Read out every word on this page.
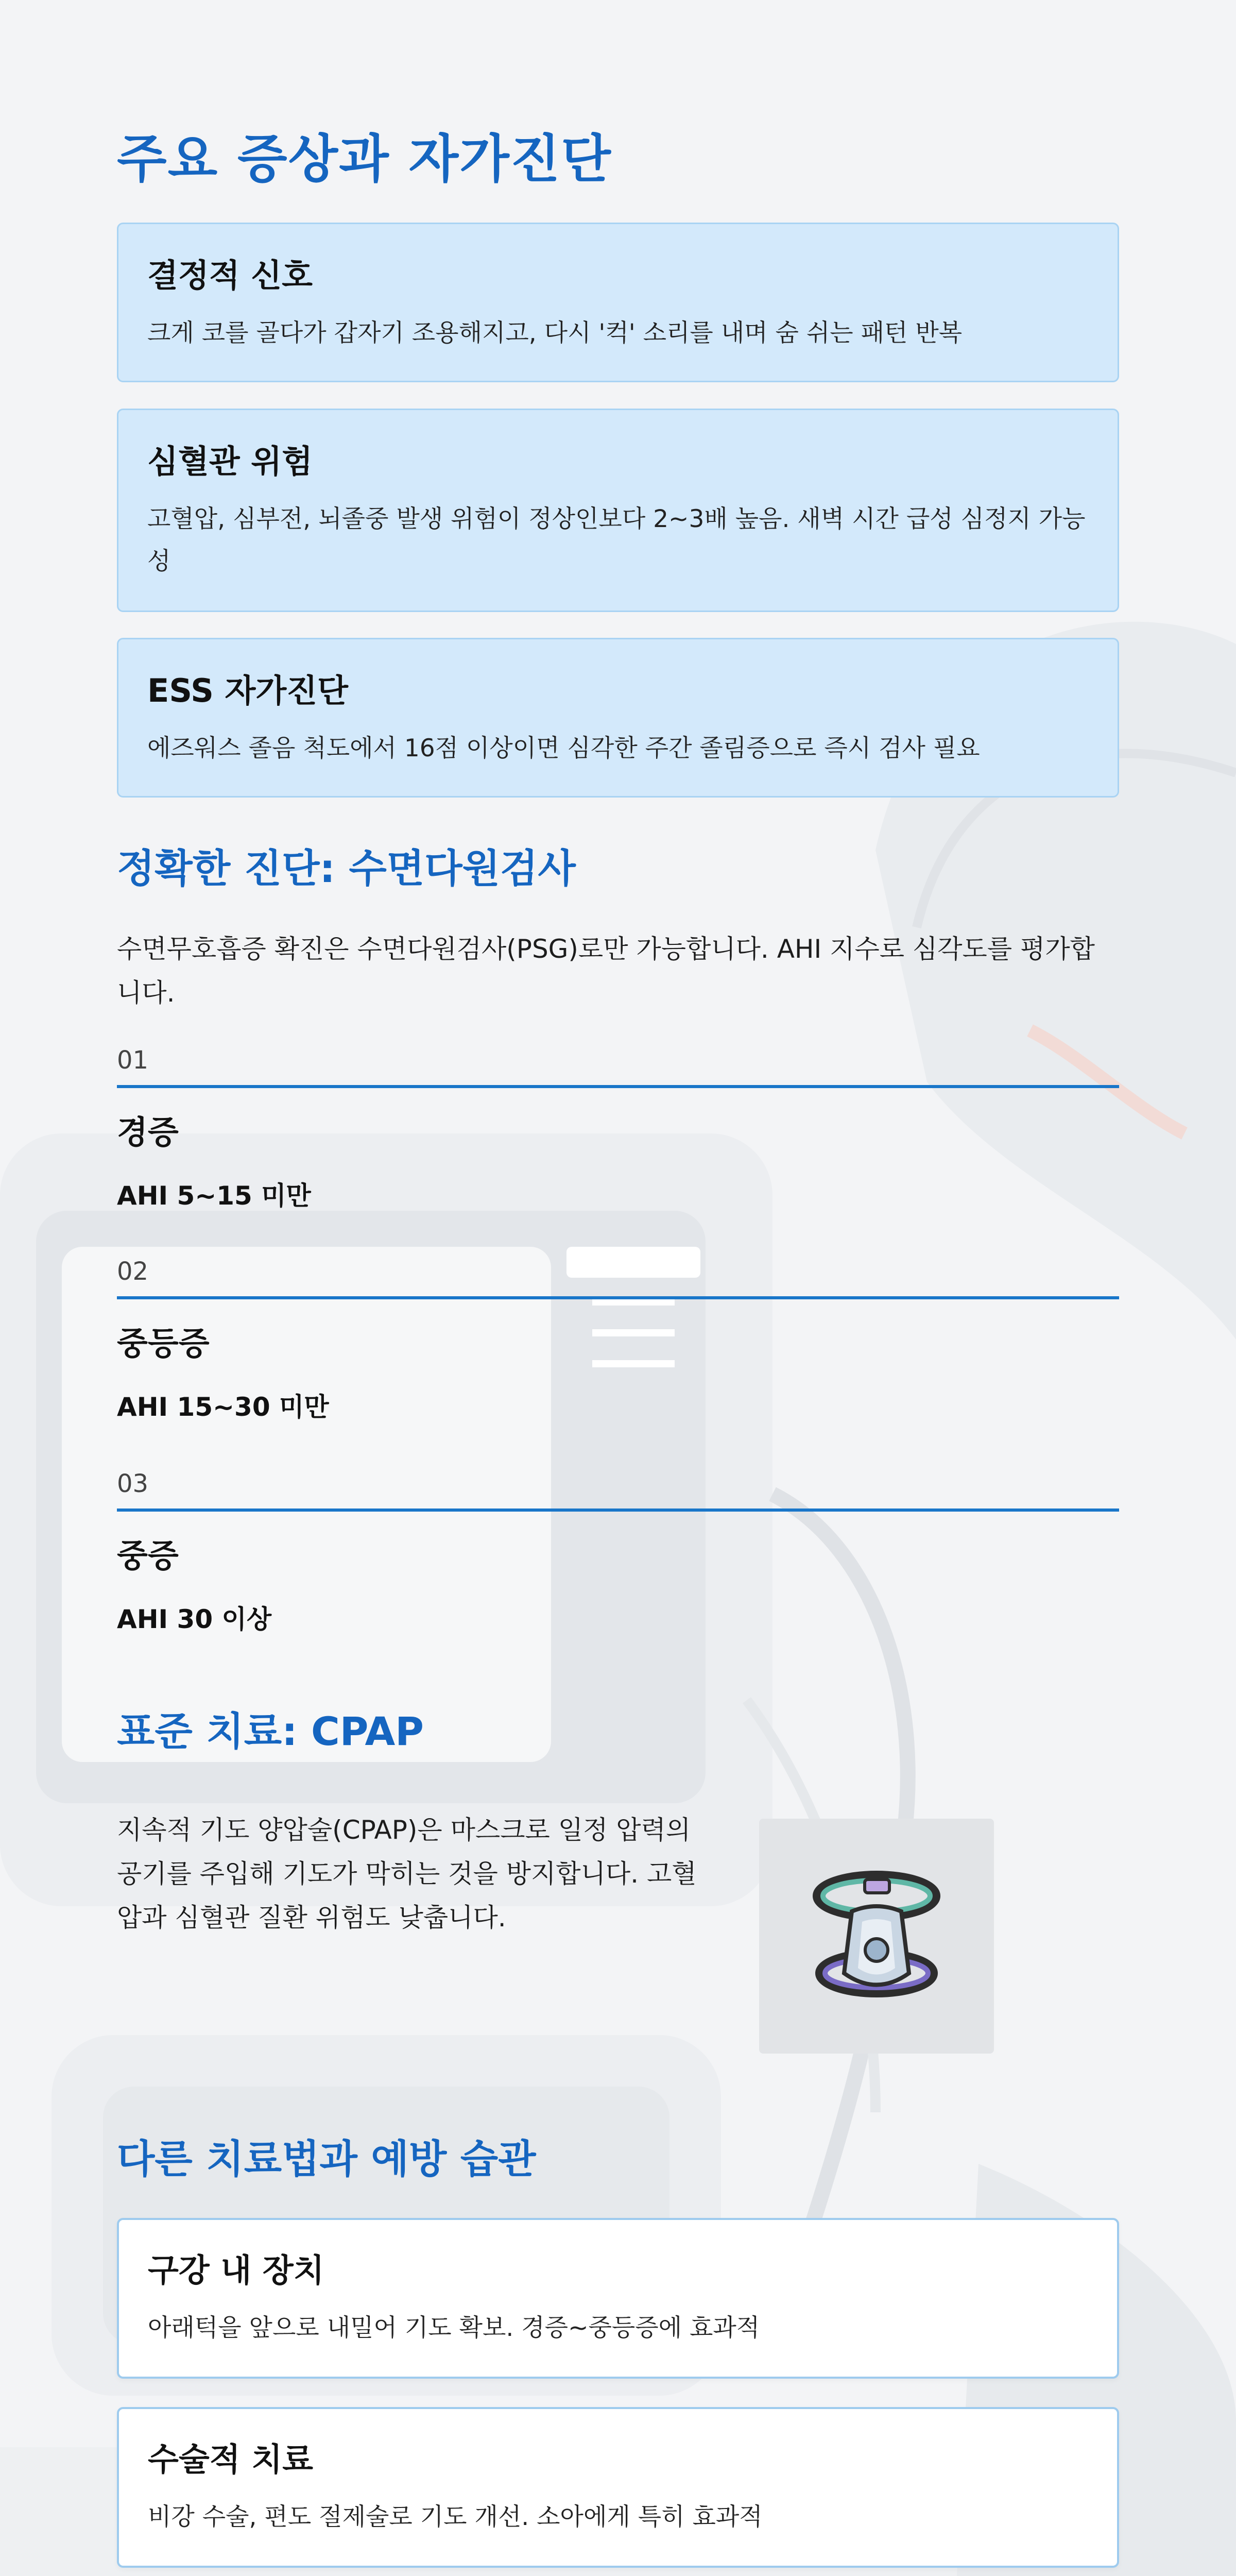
주요 증상과 자가진단
결정적 신호
크게 코를 골다가 갑자기 조용해지고, 다시 '컥' 소리를 내며 숨 쉬는 패턴 반복
심혈관 위험
고혈압, 심부전, 뇌졸중 발생 위험이 정상인보다 2~3배 높음. 새벽 시간 급성 심정지 가능성
ESS 자가진단
에즈워스 졸음 척도에서 16점 이상이면 심각한 주간 졸림증으로 즉시 검사 필요
정확한 진단: 수면다원검사
수면무호흡증 확진은 수면다원검사(PSG)로만 가능합니다. AHI 지수로 심각도를 평가합니다.
01
경증
AHI 5~15 미만
02
중등증
AHI 15~30 미만
03
중증
AHI 30 이상
표준 치료: CPAP
지속적 기도 양압술(CPAP)은 마스크로 일정 압력의 공기를 주입해 기도가 막히는 것을 방지합니다. 고혈압과 심혈관 질환 위험도 낮춥니다.
다른 치료법과 예방 습관
구강 내 장치
아래턱을 앞으로 내밀어 기도 확보. 경증~중등증에 효과적
수술적 치료
비강 수술, 편도 절제술로 기도 개선. 소아에게 특히 효과적
